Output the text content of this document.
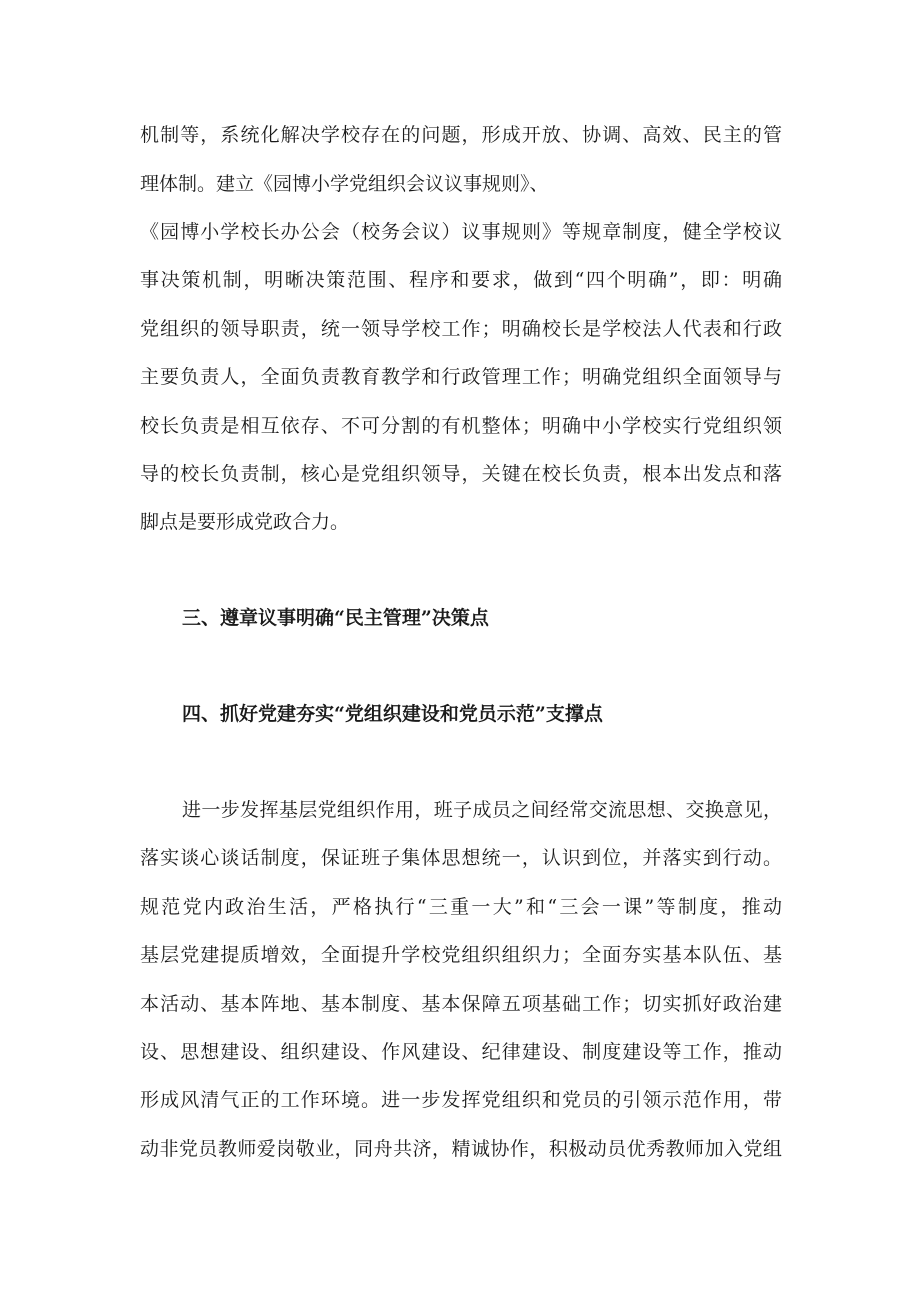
机制等，系统化解决学校存在的问题，形成开放、协调、高效、民主的管
理体制。建立《园博小学党组织会议议事规则》、
《园博小学校长办公会（校务会议）议事规则》等规章制度，健全学校议
事决策机制，明晰决策范围、程序和要求，做到“四个明确”，即：明确
党组织的领导职责，统一领导学校工作；明确校长是学校法人代表和行政
主要负责人，全面负责教育教学和行政管理工作；明确党组织全面领导与
校长负责是相互依存、不可分割的有机整体；明确中小学校实行党组织领
导的校长负责制，核心是党组织领导，关键在校长负责，根本出发点和落
脚点是要形成党政合力。
三、遵章议事明确“民主管理”决策点
四、抓好党建夯实“党组织建设和党员示范”支撑点
进一步发挥基层党组织作用，班子成员之间经常交流思想、交换意见，
落实谈心谈话制度，保证班子集体思想统一，认识到位，并落实到行动。
规范党内政治生活，严格执行“三重一大”和“三会一课”等制度，推动
基层党建提质增效，全面提升学校党组织组织力；全面夯实基本队伍、基
本活动、基本阵地、基本制度、基本保障五项基础工作；切实抓好政治建
设、思想建设、组织建设、作风建设、纪律建设、制度建设等工作，推动
形成风清气正的工作环境。进一步发挥党组织和党员的引领示范作用，带
动非党员教师爱岗敬业，同舟共济，精诚协作，积极动员优秀教师加入党组
